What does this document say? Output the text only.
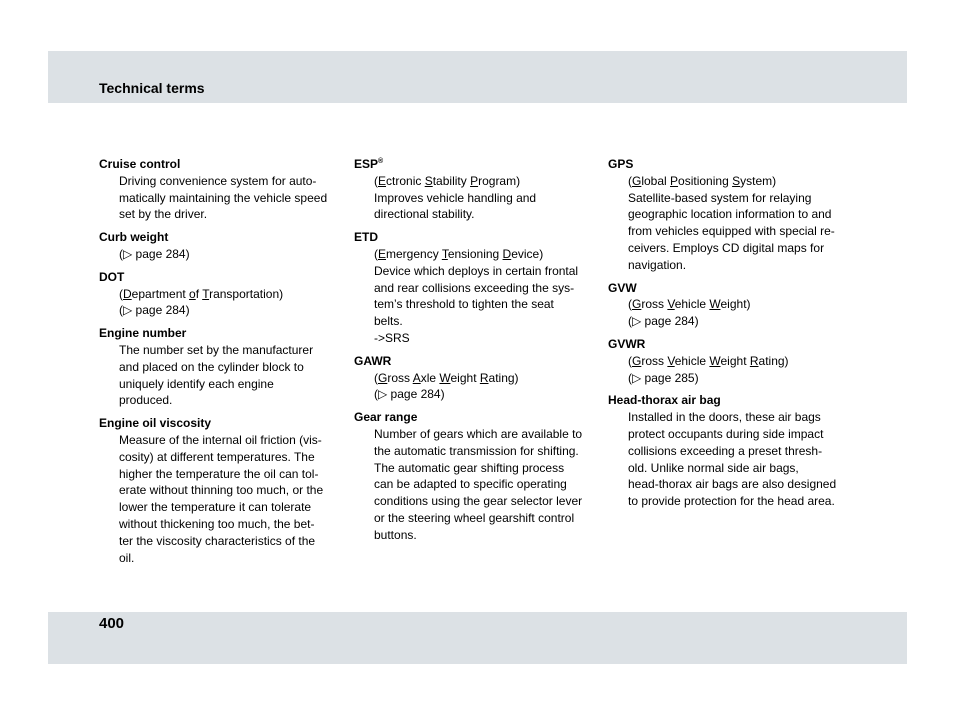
Technical terms

Cruise control

Driving convenience system for auto-
matically maintaining the vehicle speed
set by the driver.

Curb weight

(▷ page 284)

DOT

(Department of Transportation)
(▷ page 284)

Engine number

The number set by the manufacturer
and placed on the cylinder block to
uniquely identify each engine
produced.

Engine oil viscosity

Measure of the internal oil friction (vis-
cosity) at different temperatures. The
higher the temperature the oil can tol-
erate without thinning too much, or the
lower the temperature it can tolerate
without thickening too much, the bet-
ter the viscosity characteristics of the
oil.

ESP®

(Ectronic Stability Program)
Improves vehicle handling and
directional stability.

ETD

(Emergency Tensioning Device)
Device which deploys in certain frontal
and rear collisions exceeding the sys-
tem’s threshold to tighten the seat
belts.
->SRS

GAWR

(Gross Axle Weight Rating)
(▷ page 284)

Gear range

Number of gears which are available to
the automatic transmission for shifting.
The automatic gear shifting process
can be adapted to specific operating
conditions using the gear selector lever
or the steering wheel gearshift control
buttons.

GPS

(Global Positioning System)
Satellite-based system for relaying
geographic location information to and
from vehicles equipped with special re-
ceivers. Employs CD digital maps for
navigation.

GVW

(Gross Vehicle Weight)
(▷ page 284)

GVWR

(Gross Vehicle Weight Rating)
(▷ page 285)

Head-thorax air bag

Installed in the doors, these air bags
protect occupants during side impact
collisions exceeding a preset thresh-
old. Unlike normal side air bags,
head-thorax air bags are also designed
to provide protection for the head area.

400
